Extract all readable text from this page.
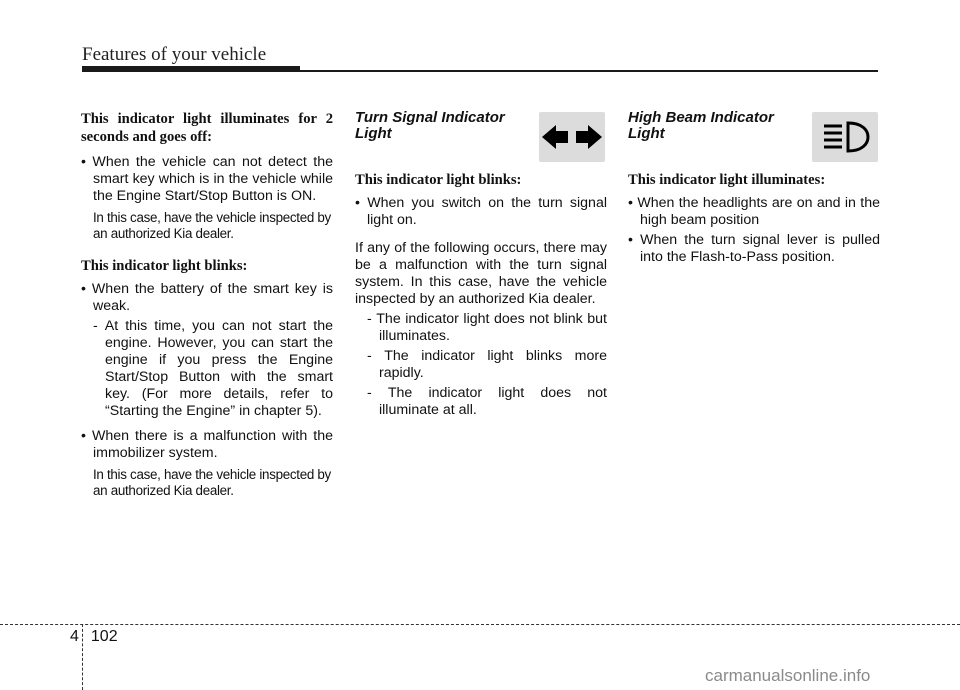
Features of your vehicle
This indicator light illuminates for 2 seconds and goes off:
• When the vehicle can not detect the smart key which is in the vehicle while the Engine Start/Stop Button is ON.
In this case, have the vehicle inspected by an authorized Kia dealer.
This indicator light blinks:
• When the battery of the smart key is weak.
- At this time, you can not start the engine. However, you can start the engine if you press the Engine Start/Stop Button with the smart key. (For more details, refer to “Starting the Engine” in chapter 5).
• When there is a malfunction with the immobilizer system.
In this case, have the vehicle inspected by an authorized Kia dealer.
Turn Signal Indicator Light
This indicator light blinks:
• When you switch on the turn signal light on.
If any of the following occurs, there may be a malfunction with the turn signal system. In this case, have the vehicle inspected by an authorized Kia dealer.
- The indicator light does not blink but illuminates.
- The indicator light blinks more rapidly.
- The indicator light does not illuminate at all.
High Beam Indicator Light
This indicator light illuminates:
• When the headlights are on and in the high beam position
• When the turn signal lever is pulled into the Flash-to-Pass position.
4 102
carmanualsonline.info
